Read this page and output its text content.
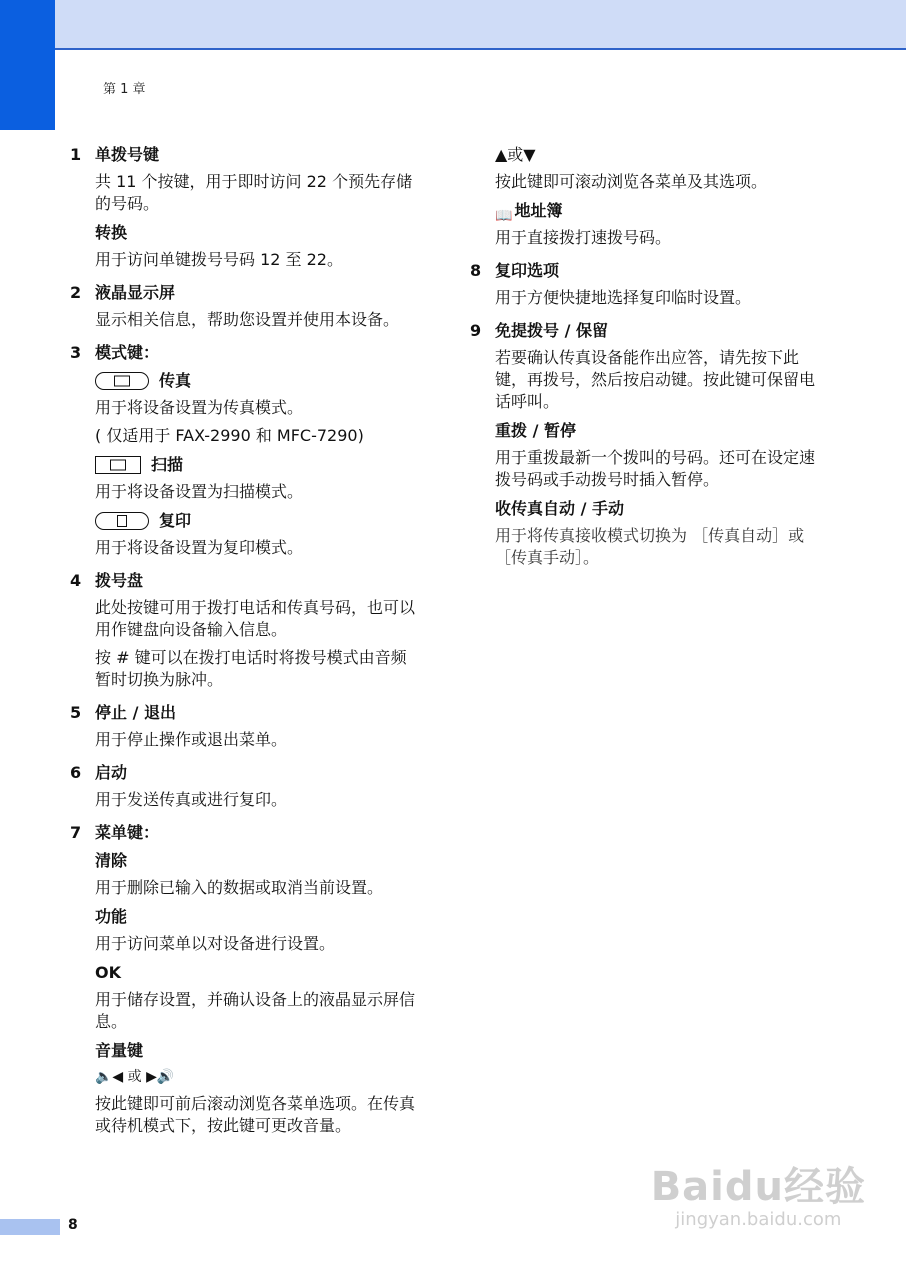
第 1 章
1 单拨号键
共 11 个按键，用于即时访问 22 个预先存储的号码。
转换
用于访问单键拨号号码 12 至 22。
2 液晶显示屏
显示相关信息，帮助您设置并使用本设备。
3 模式键：
传真
用于将设备设置为传真模式。
( 仅适用于 FAX-2990 和 MFC-7290)
扫描
用于将设备设置为扫描模式。
复印
用于将设备设置为复印模式。
4 拨号盘
此处按键可用于拨打电话和传真号码，也可以用作键盘向设备输入信息。
按 # 键可以在拨打电话时将拨号模式由音频暂时切换为脉冲。
5 停止 / 退出
用于停止操作或退出菜单。
6 启动
用于发送传真或进行复印。
7 菜单键：
清除
用于删除已输入的数据或取消当前设置。
功能
用于访问菜单以对设备进行设置。
OK
用于储存设置，并确认设备上的液晶显示屏信息。
音量键
🔈◀ 或 ▶🔊
按此键即可前后滚动浏览各菜单选项。在传真或待机模式下，按此键可更改音量。
▲或▼
按此键即可滚动浏览各菜单及其选项。
📖 地址簿
用于直接拨打速拨号码。
8 复印选项
用于方便快捷地选择复印临时设置。
9 免提拨号 / 保留
若要确认传真设备能作出应答，请先按下此键，再拨号，然后按启动键。按此键可保留电话呼叫。
重拨 / 暂停
用于重拨最新一个拨叫的号码。还可在设定速拨号码或手动拨号时插入暂停。
收传真自动 / 手动
用于将传真接收模式切换为 ［传真自动］或 ［传真手动］。
8
Baidu经验
jingyan.baidu.com
